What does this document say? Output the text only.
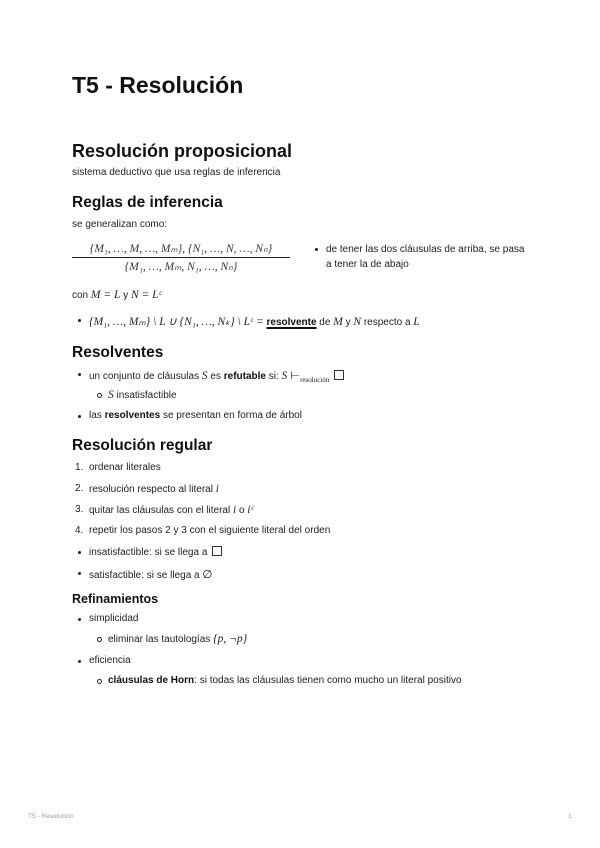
T5 - Resolución
Resolución proposicional
sistema deductivo que usa reglas de inferencia
Reglas de inferencia
se generalizan como:
$\frac{\text{\{M₁, …, M, …, Mₘ\}, \{N₁, …, N, …, Nₙ\}}}{\text{\{M₁, …, Mₘ, N₁, …, Nₙ\}}}$	de tener las dos cláusulas de arriba, se pasa a tener la de abajo
con M = L y N = Lᶜ
{M₁, …, Mₘ} \ L ∪ {N₁, …, Nₖ} \ Lᶜ = resolvente de M y N respecto a L
Resolventes
un conjunto de cláusulas S es refutable si: S $⊢_{resolución}$
S insatisfactible
las resolventes se presentan en forma de árbol
Resolución regular
1. ordenar literales
2. resolución respecto al literal i
3. quitar las cláusulas con el literal i o iᶜ
4. repetir los pasos 2 y 3 con el siguiente literal del orden
insatisfactible: si se llega a
satisfactible: si se llega a ∅
Refinamientos
simplicidad
eliminar las tautologías {p, ¬p}
eficiencia
cláusulas de Horn: si todas las cláusulas tienen como mucho un literal positivo
T5 - Resolución	1
